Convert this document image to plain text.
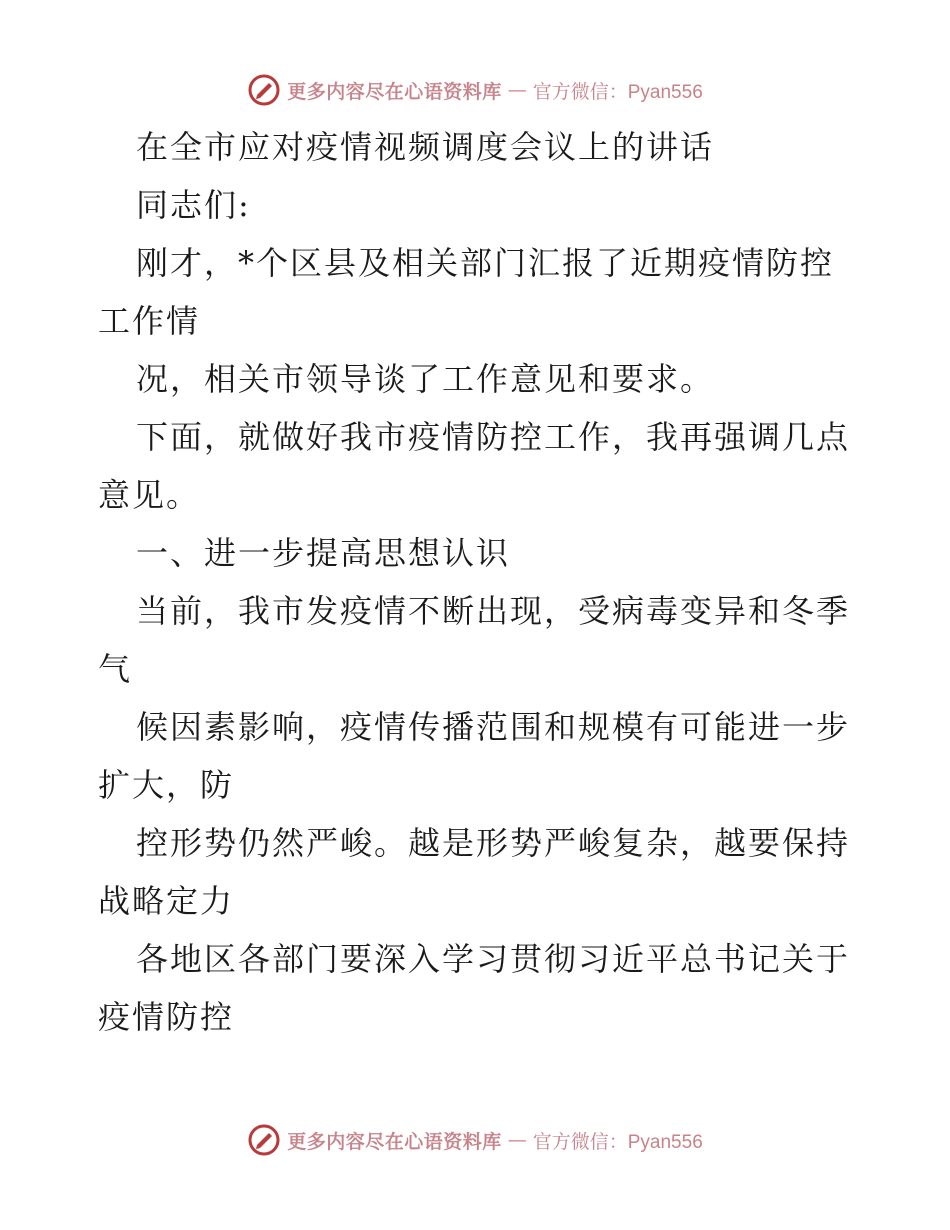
更多内容尽在心语资料库 — 官方微信：Pyan556
在全市应对疫情视频调度会议上的讲话
同志们:
刚才，*个区县及相关部门汇报了近期疫情防控
工作情
况，相关市领导谈了工作意见和要求。
下面，就做好我市疫情防控工作，我再强调几点
意见。
一、进一步提高思想认识
当前，我市发疫情不断出现，受病毒变异和冬季
气
候因素影响，疫情传播范围和规模有可能进一步
扩大，防
控形势仍然严峻。越是形势严峻复杂，越要保持
战略定力
各地区各部门要深入学习贯彻习近平总书记关于
疫情防控
更多内容尽在心语资料库 — 官方微信：Pyan556
